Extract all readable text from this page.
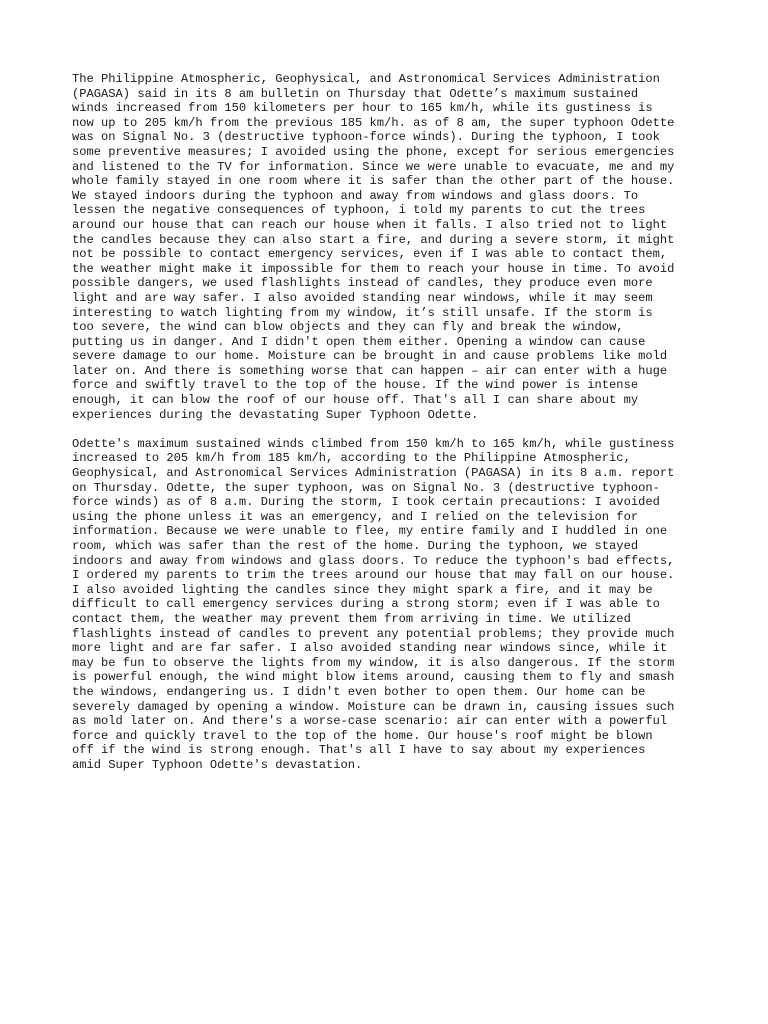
The Philippine Atmospheric, Geophysical, and Astronomical Services Administration
(PAGASA) said in its 8 am bulletin on Thursday that Odette’s maximum sustained
winds increased from 150 kilometers per hour to 165 km/h, while its gustiness is
now up to 205 km/h from the previous 185 km/h. as of 8 am, the super typhoon Odette
was on Signal No. 3 (destructive typhoon-force winds). During the typhoon, I took
some preventive measures; I avoided using the phone, except for serious emergencies
and listened to the TV for information. Since we were unable to evacuate, me and my
whole family stayed in one room where it is safer than the other part of the house.
We stayed indoors during the typhoon and away from windows and glass doors. To
lessen the negative consequences of typhoon, i told my parents to cut the trees
around our house that can reach our house when it falls. I also tried not to light
the candles because they can also start a fire, and during a severe storm, it might
not be possible to contact emergency services, even if I was able to contact them,
the weather might make it impossible for them to reach your house in time. To avoid
possible dangers, we used flashlights instead of candles, they produce even more
light and are way safer. I also avoided standing near windows, while it may seem
interesting to watch lighting from my window, it’s still unsafe. If the storm is
too severe, the wind can blow objects and they can fly and break the window,
putting us in danger. And I didn't open them either. Opening a window can cause
severe damage to our home. Moisture can be brought in and cause problems like mold
later on. And there is something worse that can happen – air can enter with a huge
force and swiftly travel to the top of the house. If the wind power is intense
enough, it can blow the roof of our house off. That's all I can share about my
experiences during the devastating Super Typhoon Odette.

Odette's maximum sustained winds climbed from 150 km/h to 165 km/h, while gustiness
increased to 205 km/h from 185 km/h, according to the Philippine Atmospheric,
Geophysical, and Astronomical Services Administration (PAGASA) in its 8 a.m. report
on Thursday. Odette, the super typhoon, was on Signal No. 3 (destructive typhoon-
force winds) as of 8 a.m. During the storm, I took certain precautions: I avoided
using the phone unless it was an emergency, and I relied on the television for
information. Because we were unable to flee, my entire family and I huddled in one
room, which was safer than the rest of the home. During the typhoon, we stayed
indoors and away from windows and glass doors. To reduce the typhoon's bad effects,
I ordered my parents to trim the trees around our house that may fall on our house.
I also avoided lighting the candles since they might spark a fire, and it may be
difficult to call emergency services during a strong storm; even if I was able to
contact them, the weather may prevent them from arriving in time. We utilized
flashlights instead of candles to prevent any potential problems; they provide much
more light and are far safer. I also avoided standing near windows since, while it
may be fun to observe the lights from my window, it is also dangerous. If the storm
is powerful enough, the wind might blow items around, causing them to fly and smash
the windows, endangering us. I didn't even bother to open them. Our home can be
severely damaged by opening a window. Moisture can be drawn in, causing issues such
as mold later on. And there's a worse-case scenario: air can enter with a powerful
force and quickly travel to the top of the home. Our house's roof might be blown
off if the wind is strong enough. That's all I have to say about my experiences
amid Super Typhoon Odette's devastation.
